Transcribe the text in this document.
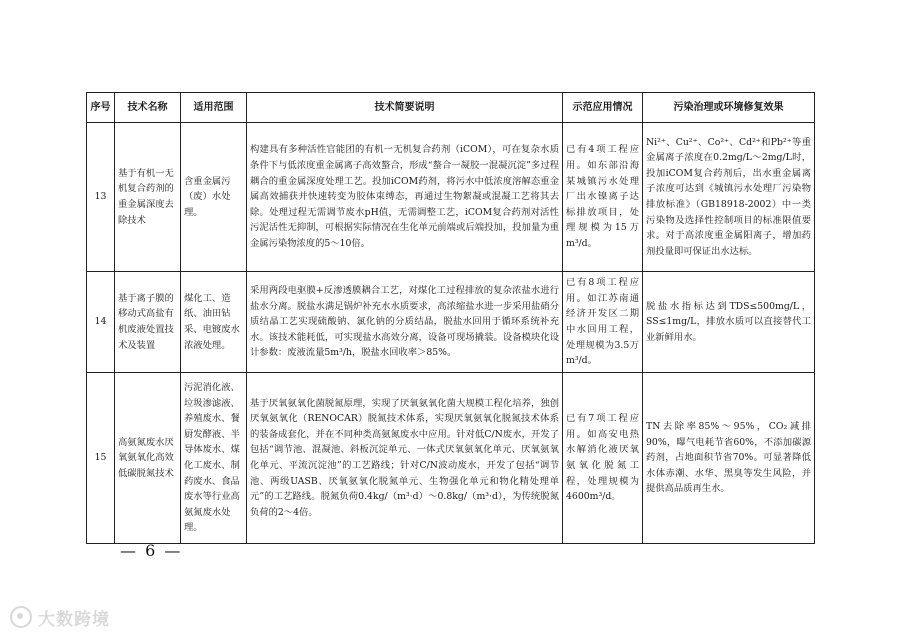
序号	技术名称	适用范围	技术简要说明	示范应用情况	污染治理或环境修复效果
13	基于有机一无机复合药剂的重金属深度去除技术	含重金属污（废）水处理。	构建具有多种活性官能团的有机一无机复合药剂（iCOM），可在复杂水质条件下与低浓度重金属离子高效螯合，形成“螯合一凝胶一混凝沉淀”多过程耦合的重金属深度处理工艺。投加iCOM药剂，将污水中低浓度溶解态重金属高效捕获并快速转变为胶体束缚态，再通过生物絮凝或混凝工艺将其去除。处理过程无需调节废水pH值，无需调整工艺，iCOM复合药剂对活性污泥活性无抑制，可根据实际情况在生化单元前端或后端投加，投加量为重金属污染物浓度的5～10倍。	已有4项工程应用。如东部沿海某城镇污水处理厂出水镍离子达标排放项目，处理规模为15万m³/d。	Ni²⁺、Cu²⁺、Co²⁺、Cd²⁺和Pb²⁺等重金属离子浓度在0.2mg/L～2mg/L时，投加iCOM复合药剂后，出水重金属离子浓度可达到《城镇污水处理厂污染物排放标准》（GB18918-2002）中一类污染物及选择性控制项目的标准限值要求。对于高浓度重金属阳离子，增加药剂投量即可保证出水达标。
14	基于离子膜的移动式高盐有机废液处置技术及装置	煤化工、造纸、油田钻采、电镀废水浓液处理。	采用两段电驱膜+反渗透膜耦合工艺，对煤化工过程排放的复杂浓盐水进行盐水分离。脱盐水满足锅炉补充水水质要求，高浓缩盐水进一步采用盐硝分质结晶工艺实现硫酸钠、氯化钠的分质结晶，脱盐水回用于循环系统补充水。该技术能耗低，可实现盐水高效分离，设备可现场撬装。设备模块化设计参数：废液流量5m³/h，脱盐水回收率＞85%。	已有8项工程应用。如江苏南通经济开发区二期中水回用工程，处理规模为3.5万m³/d。	脱盐水指标达到TDS≤500mg/L，SS≤1mg/L，排放水质可以直接替代工业新鲜用水。
15	高氨氮废水厌氧氨氧化高效低碳脱氮技术	污泥消化液、垃圾渗滤液、养殖废水、餐厨发酵液、半导体废水、煤化工废水、制药废水、食品废水等行业高氨氮废水处理。	基于厌氧氨氧化菌脱氮原理，实现了厌氧氨氧化菌大规模工程化培养，独创厌氧氨氧化（RENOCAR）脱氮技术体系，实现厌氧氨氧化脱氮技术体系的装备成套化，并在不同种类高氨氮废水中应用。针对低C/N废水，开发了包括“调节池、混凝池、斜板沉淀单元、一体式厌氧氨氧化单元、厌氧氨氧化单元、平流沉淀池”的工艺路线；针对C/N波动废水，开发了包括“调节池、两级UASB、厌氧氨氧化脱氮单元、生物强化单元和物化精处理单元”的工艺路线。脱氮负荷0.4kg/（m³·d）～0.8kg/（m³·d），为传统脱氮负荷的2～4倍。	已有7项工程应用。如高安电热水解消化液厌氧氨氧化脱氮工程，处理规模为4600m³/d。	TN去除率85%～95%，CO₂减排90%，曝气电耗节省60%，不添加碳源药剂，占地面积节省70%。可显著降低水体赤潮、水华、黑臭等发生风险，并提供高品质再生水。
— 6 —
大数跨境
